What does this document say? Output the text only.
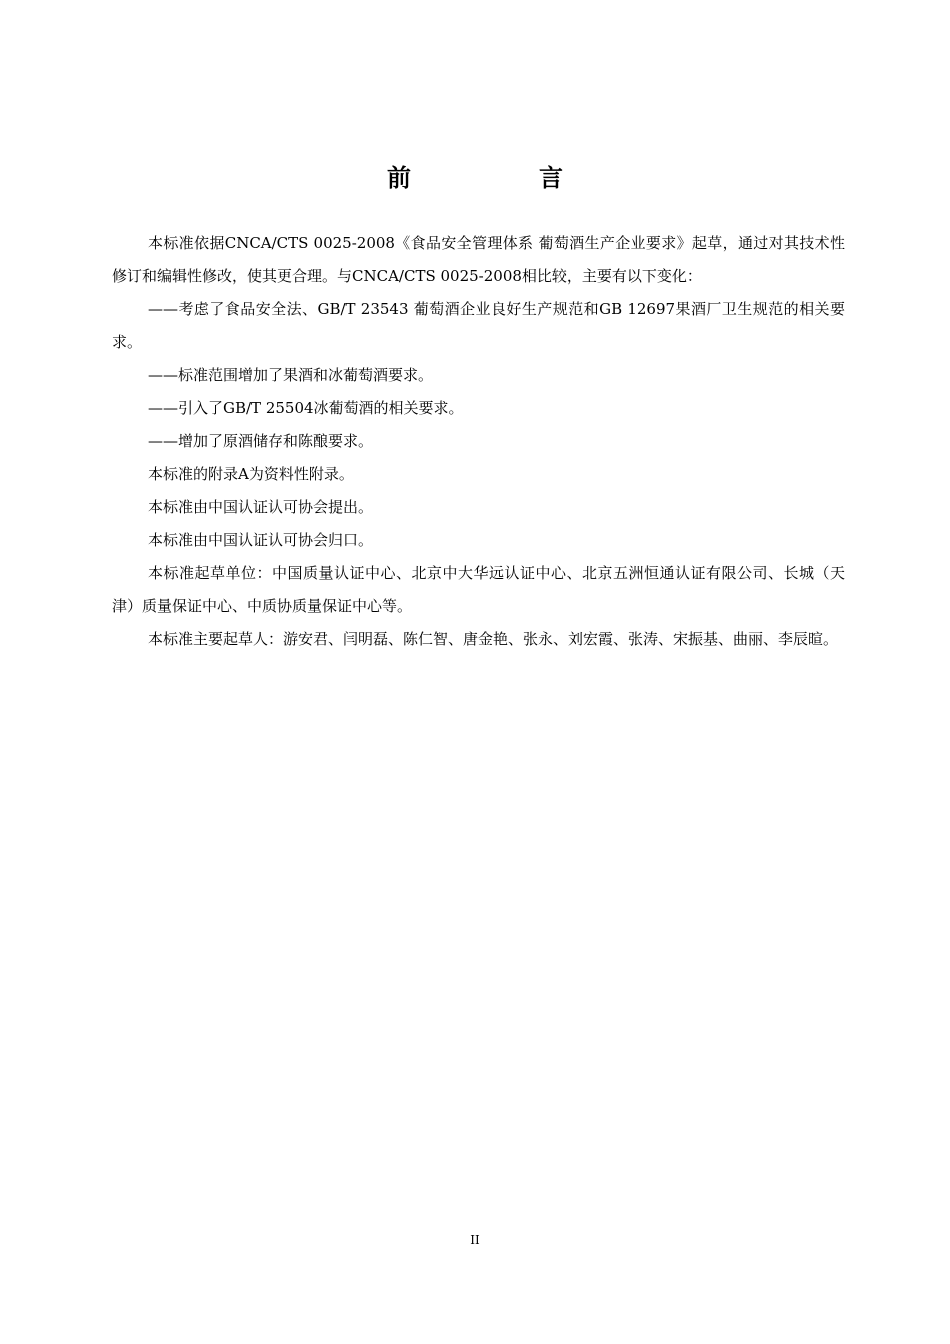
前　言

本标准依据CNCA/CTS 0025-2008《食品安全管理体系 葡萄酒生产企业要求》起草，通过对其技术性修订和编辑性修改，使其更合理。与CNCA/CTS 0025-2008相比较，主要有以下变化：

——考虑了食品安全法、GB/T 23543 葡萄酒企业良好生产规范和GB 12697果酒厂卫生规范的相关要求。

——标准范围增加了果酒和冰葡萄酒要求。

——引入了GB/T 25504冰葡萄酒的相关要求。

——增加了原酒储存和陈酿要求。

本标准的附录A为资料性附录。

本标准由中国认证认可协会提出。

本标准由中国认证认可协会归口。

本标准起草单位：中国质量认证中心、北京中大华远认证中心、北京五洲恒通认证有限公司、长城（天津）质量保证中心、中质协质量保证中心等。

本标准主要起草人：游安君、闫明磊、陈仁智、唐金艳、张永、刘宏霞、张涛、宋振基、曲丽、李辰暄。

II
